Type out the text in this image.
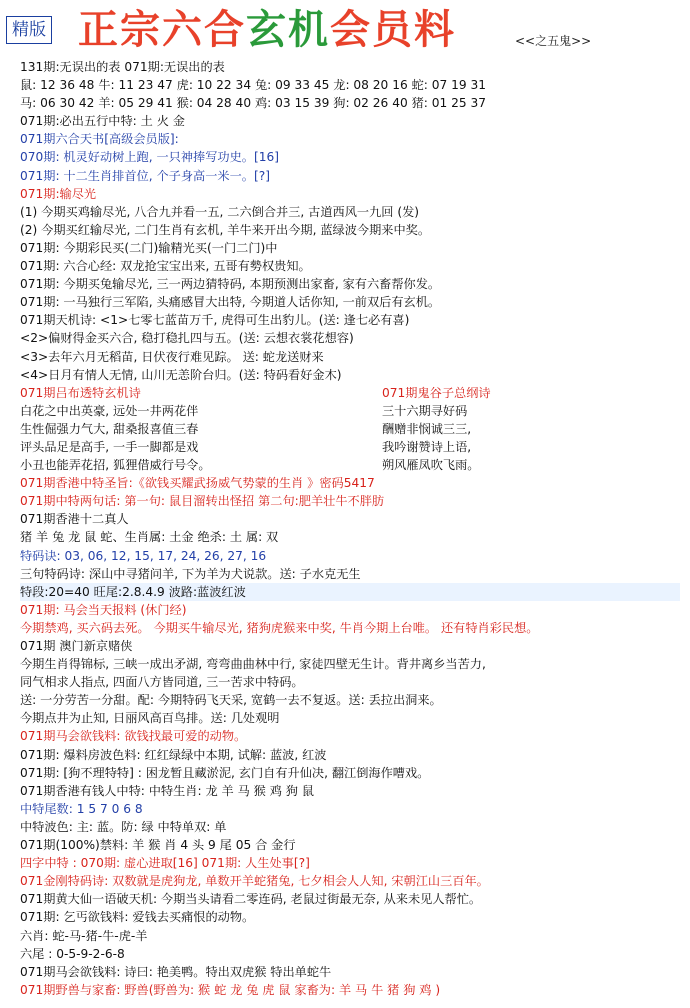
精版 正宗六合玄机会员料	<<之五鬼>>
131期:无误出的表 071期:无误出的表
鼠: 12 36 48 牛: 11 23 47 虎: 10 22 34 兔: 09 33 45 龙: 08 20 16 蛇: 07 19 31
马: 06 30 42 羊: 05 29 41 猴: 04 28 40 鸡: 03 15 39 狗: 02 26 40 猪: 01 25 37
071期:必出五行中特: 土 火 金
071期六合天书[高级会员版]:
070期: 机灵好动树上跑, 一只神捧写功史。[16]
071期: 十二生肖排首位, 个子身高一米一。[?]
071期:输尽光
(1) 今期买鸡输尽光, 八合九并看一五, 二六倒合并三, 古道西风一九回 (发)
(2) 今期买红输尽光, 二门生肖有玄机, 羊牛来开出今期, 蓝绿波今期来中奖。
071期: 今期彩民买(二门)输精光买(一门二门)中
071期: 六合心经: 双龙抢宝宝出来, 五哥有勢权贵知。
071期: 今期买兔输尽光, 三一两边猜特码, 本期预测出家畜, 家有六畜帮你发。
071期: 一马独行三军陷, 头痛感冒大出特, 今期道人话你知, 一前双后有玄机。
071期天机诗: <1>七零七蓝苗万千, 虎得可生出豹儿。(送: 逢七必有喜)
<2>偏财得金买六合, 稳打稳扎四与五。(送: 云想衣裳花想容)
<3>去年六月无稻苗, 日伏夜行难见踪。 送: 蛇龙送财来
<4>日月有情人无情, 山川无恙阶台归。(送: 特码看好金木)
071期吕布透特玄机诗	071期鬼谷子总纲诗
白花之中出英豪, 远处一井两花伴	三十六期寻好码
生性倔强力气大, 甜桑报喜值三春	酬赠非悯诚三三,
评头品足是高手, 一手一脚都是戏	我吟谢赞诗上语,
小丑也能弄花招, 狐狸借威行号令。	朔风雁凤吹飞雨。
071期香港中特圣旨:《欲钱买耀武扬威气势蒙的生肖 》密码5417
071期中特两句话: 第一句: 鼠目溜转出怪招 第二句:肥羊壮牛不胖肪
071期香港十二真人
猪 羊 兔 龙 鼠 蛇、生肖属: 土金 绝杀: 土 属: 双
特码诀: 03, 06, 12, 15, 17, 24, 26, 27, 16
三句特码诗: 深山中寻猪问羊, 下为羊为犬说款。送: 子水克无生
特段:20=40 旺尾:2.8.4.9 波路:蓝波红波
071期: 马会当天报料 (休门经)
今期禁鸡, 买六码去死。 今期买牛输尽光, 猪狗虎猴来中奖, 牛肖今期上台唯。 还有特肖彩民想。
071期 澳门新京赌侠
今期生肖得锦标, 三峡一成出矛湖, 弯弯曲曲林中行, 家徒四壁无生计。背井离乡当苦力,
同气相求人指点, 四面八方皆同道, 三一苦求中特码。
送: 一分劳苦一分甜。配: 今期特码飞天采, 宽鹤一去不复返。送: 丢拉出洞来。
今期点井为止知, 日丽风高百鸟排。送: 几处观明
071期马会欲钱料: 欲钱找最可爱的动物。
071期: 爆料房波色料: 红红绿绿中本期, 试解: 蓝波, 红波
071期: [狗不理特特] : 困龙暂且藏淤泥, 玄门自有升仙决, 翻江倒海作嘈戏。
071期香港有钱人中特: 中特生肖: 龙 羊 马 猴 鸡 狗 鼠
中特尾数: 1 5 7 0 6 8
中特波色: 主: 蓝。防: 绿 中特单双: 单
071期(100%)禁料: 羊 猴 肖 4 头 9 尾 05 合 金行
四字中特 : 070期: 虚心进取[16] 071期: 人生处事[?]
071金刚特码诗: 双数就是虎狗龙, 单数开羊蛇猪兔, 七夕相会人人知, 宋朝江山三百年。
071期黄大仙一语破天机: 今期当头请看二零连码, 老鼠过街最无奈, 从来未见人帮忙。
071期: 乞丐欲钱料: 爱钱去买痛恨的动物。
六肖: 蛇-马-猪-牛-虎-羊
六尾 : 0-5-9-2-6-8
071期马会欲钱料: 诗曰: 艳美鸭。特出双虎猴 特出单蛇牛
071期野兽与家畜: 野兽(野兽为: 猴 蛇 龙 兔 虎 鼠 家畜为: 羊 马 牛 猪 狗 鸡 )
